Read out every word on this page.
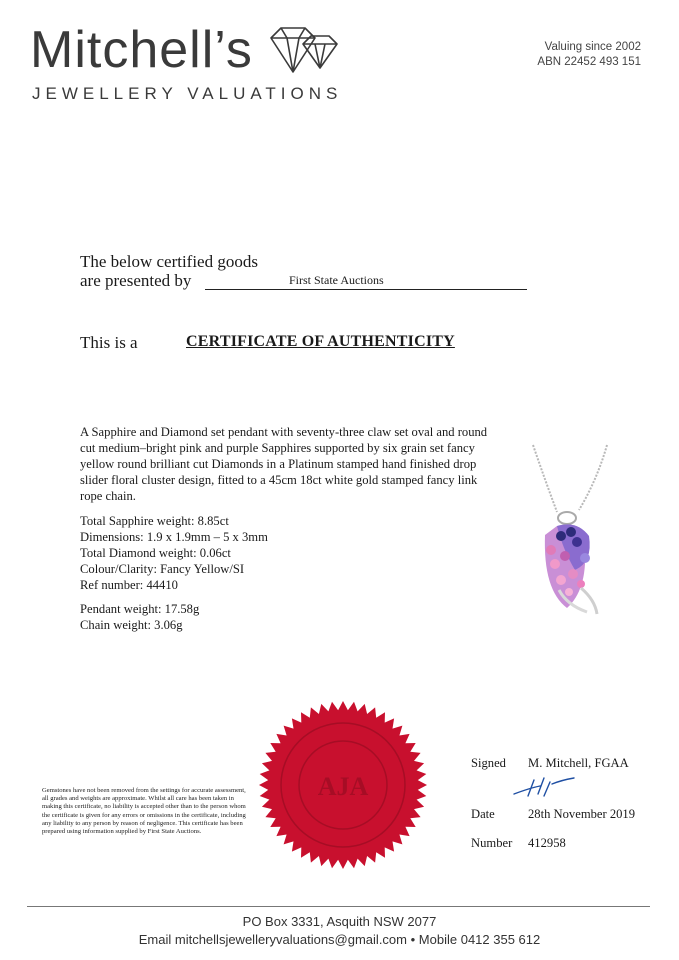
Mitchell’s
JEWELLERY VALUATIONS
Valuing since 2002
ABN 22452 493 151
The below certified goods
are presented by	First State Auctions
This is a	CERTIFICATE OF AUTHENTICITY
A Sapphire and Diamond set pendant with seventy-three claw set oval and round cut medium–bright pink and purple Sapphires supported by six grain set fancy yellow round brilliant cut Diamonds in a Platinum stamped hand finished drop slider floral cluster design, fitted to a 45cm 18ct white gold stamped fancy link rope chain.
Total Sapphire weight: 8.85ct
Dimensions: 1.9 x 1.9mm – 5 x 3mm
Total Diamond weight: 0.06ct
Colour/Clarity: Fancy Yellow/SI
Ref number: 44410
Pendant weight: 17.58g
Chain weight: 3.06g
AJA
Gemstones have not been removed from the settings for accurate assessment, all grades and weights are approximate. Whilst all care has been taken in making this certificate, no liability is accepted other than to the person whom the certificate is given for any errors or omissions in the certificate, including any liability to any person by reason of negligence. This certificate has been prepared using information supplied by First State Auctions.
Signed M. Mitchell, FGAA
Date	28th November 2019
Number 412958
PO Box 3331, Asquith NSW 2077
Email mitchellsjewelleryvaluations@gmail.com • Mobile 0412 355 612
